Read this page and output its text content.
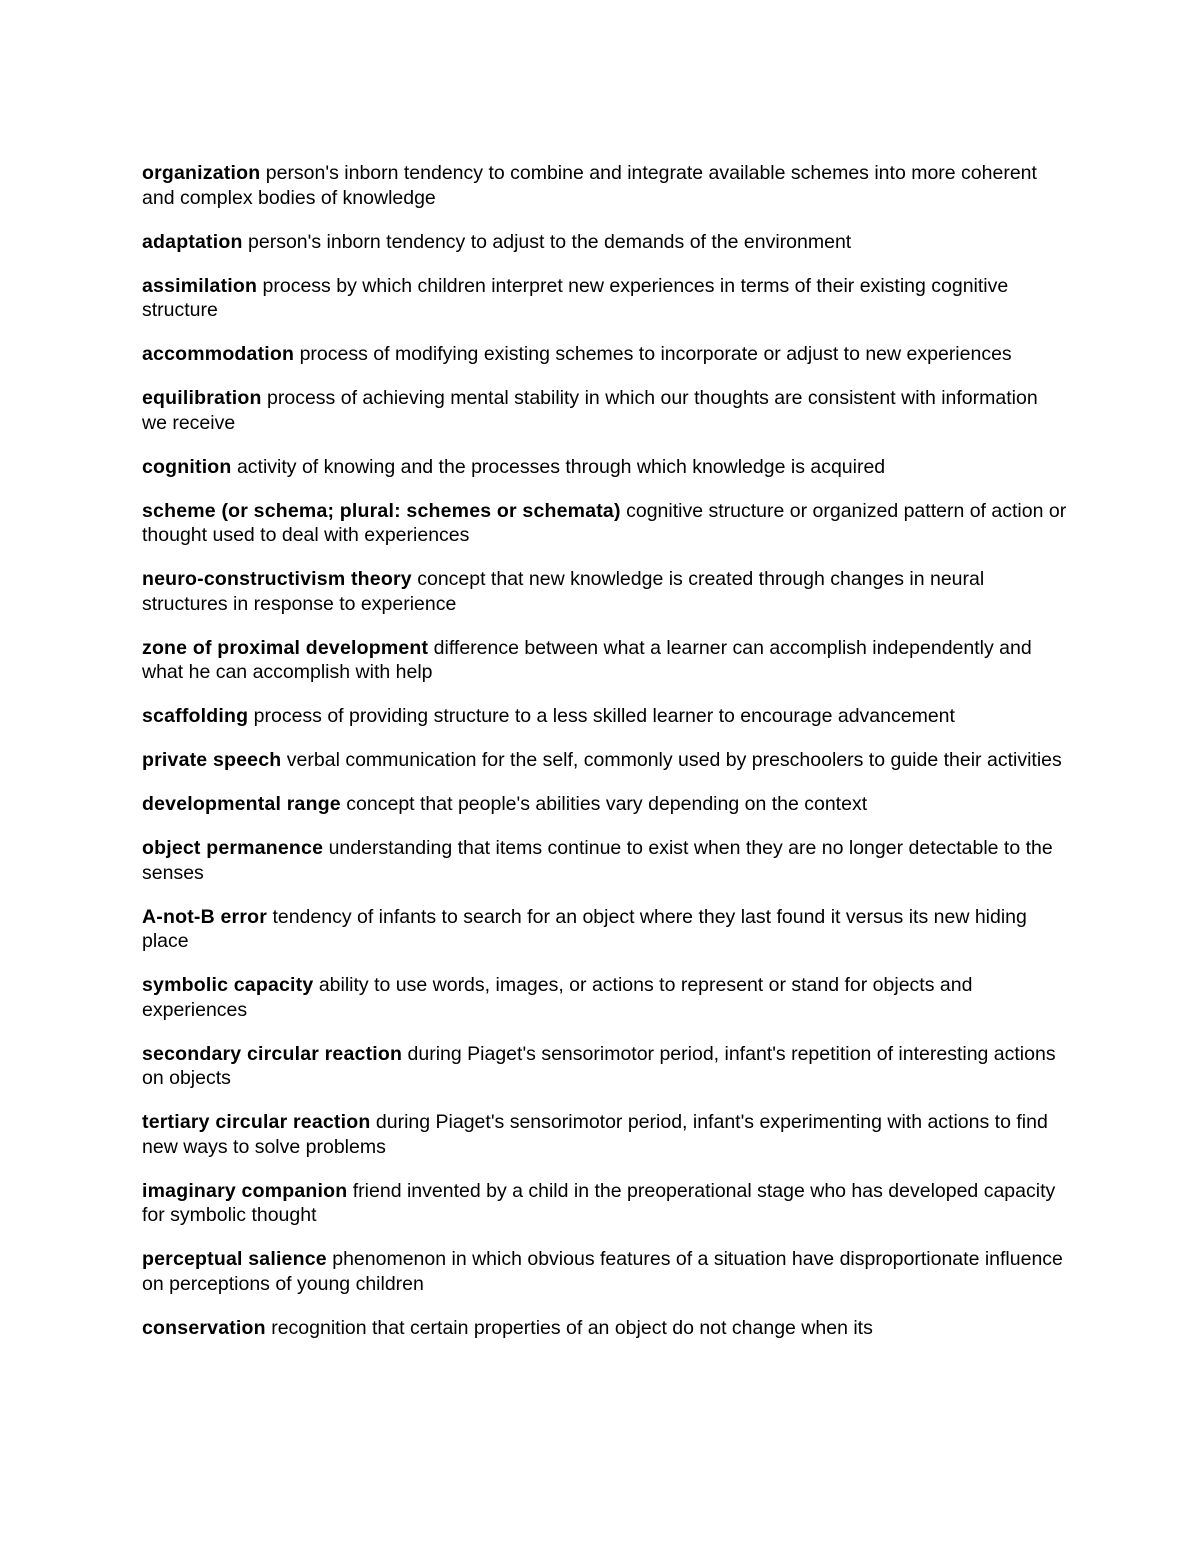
organization person's inborn tendency to combine and integrate available schemes into more coherent and complex bodies of knowledge

adaptation person's inborn tendency to adjust to the demands of the environment

assimilation process by which children interpret new experiences in terms of their existing cognitive structure

accommodation process of modifying existing schemes to incorporate or adjust to new experiences

equilibration process of achieving mental stability in which our thoughts are consistent with information we receive

cognition activity of knowing and the processes through which knowledge is acquired

scheme (or schema; plural: schemes or schemata) cognitive structure or organized pattern of action or thought used to deal with experiences

neuro-constructivism theory concept that new knowledge is created through changes in neural structures in response to experience

zone of proximal development difference between what a learner can accomplish independently and what he can accomplish with help

scaffolding process of providing structure to a less skilled learner to encourage advancement

private speech verbal communication for the self, commonly used by preschoolers to guide their activities

developmental range concept that people's abilities vary depending on the context

object permanence understanding that items continue to exist when they are no longer detectable to the senses

A-not-B error tendency of infants to search for an object where they last found it versus its new hiding place

symbolic capacity ability to use words, images, or actions to represent or stand for objects and experiences

secondary circular reaction during Piaget's sensorimotor period, infant's repetition of interesting actions on objects

tertiary circular reaction during Piaget's sensorimotor period, infant's experimenting with actions to find new ways to solve problems

imaginary companion friend invented by a child in the preoperational stage who has developed capacity for symbolic thought

perceptual salience phenomenon in which obvious features of a situation have disproportionate influence on perceptions of young children

conservation recognition that certain properties of an object do not change when its
